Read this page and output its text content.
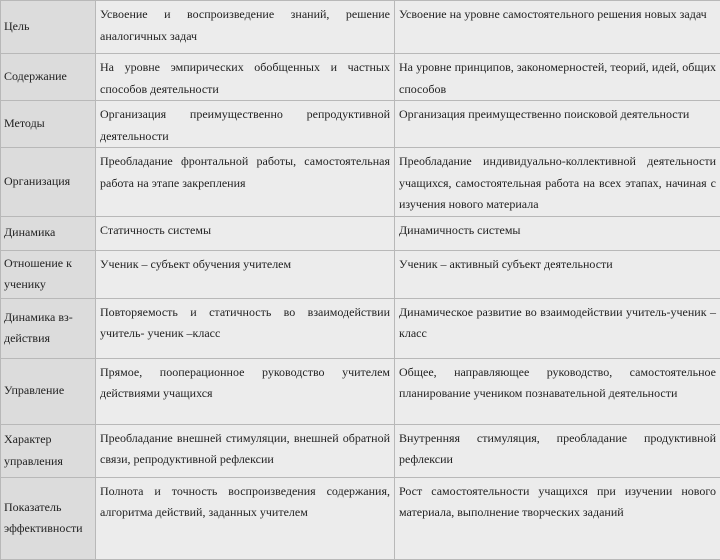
Цель	Усвоение и воспроизведение знаний, решение аналогичных задач	Усвоение на уровне самостоятельного решения новых задач
Содержание	На уровне эмпирических обобщенных и частных способов деятельности	На уровне принципов, закономерностей, теорий, идей, общих способов
Методы	Организация преимущественно репродуктивной деятельности	Организация преимущественно поисковой деятельности
Организация	Преобладание фронтальной работы, самостоятельная работа на этапе закрепления	Преобладание индивидуально-коллективной деятельности учащихся, самостоятельная работа на всех этапах, начиная с изучения нового материала
Динамика	Статичность системы	Динамичность системы
Отношение к ученику	Ученик – субъект обучения учителем	Ученик – активный субъект деятельности
Динамика вз-действия	Повторяемость и статичность во взаимодействии учитель- ученик –класс	Динамическое развитие во взаимодействии учитель-ученик –класс
Управление	Прямое, пооперационное руководство учителем действиями учащихся	Общее, направляющее руководство, самостоятельное планирование учеником познавательной деятельности
Характер управления	Преобладание внешней стимуляции, внешней обратной связи, репродуктивной рефлексии	Внутренняя стимуляция, преобладание продуктивной рефлексии
Показатель эффективности	Полнота и точность воспроизведения содержания, алгоритма действий, заданных учителем	Рост самостоятельности учащихся при изучении нового материала, выполнение творческих заданий
